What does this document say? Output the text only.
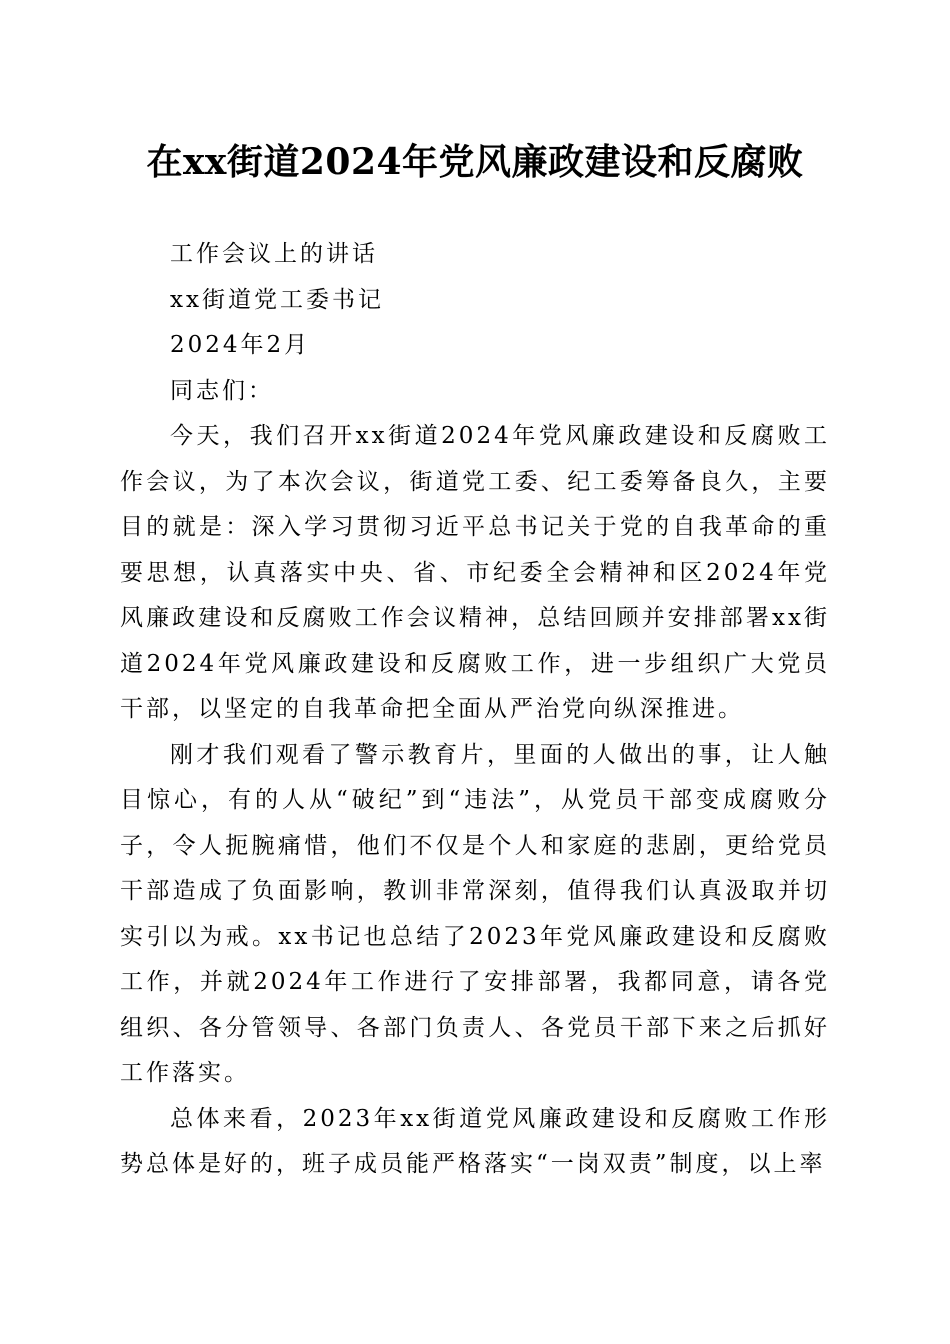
在xx街道2024年党风廉政建设和反腐败

工作会议上的讲话

xx街道党工委书记

2024年2月

同志们：

今天，我们召开xx街道2024年党风廉政建设和反腐败工作会议，为了本次会议，街道党工委、纪工委筹备良久，主要目的就是：深入学习贯彻习近平总书记关于党的自我革命的重要思想，认真落实中央、省、市纪委全会精神和区2024年党风廉政建设和反腐败工作会议精神，总结回顾并安排部署xx街道2024年党风廉政建设和反腐败工作，进一步组织广大党员干部，以坚定的自我革命把全面从严治党向纵深推进。

刚才我们观看了警示教育片，里面的人做出的事，让人触目惊心，有的人从“破纪”到“违法”，从党员干部变成腐败分子，令人扼腕痛惜，他们不仅是个人和家庭的悲剧，更给党员干部造成了负面影响，教训非常深刻，值得我们认真汲取并切实引以为戒。xx书记也总结了2023年党风廉政建设和反腐败工作，并就2024年工作进行了安排部署，我都同意，请各党组织、各分管领导、各部门负责人、各党员干部下来之后抓好工作落实。

总体来看，2023年xx街道党风廉政建设和反腐败工作形势总体是好的，班子成员能严格落实“一岗双责”制度，以上率
